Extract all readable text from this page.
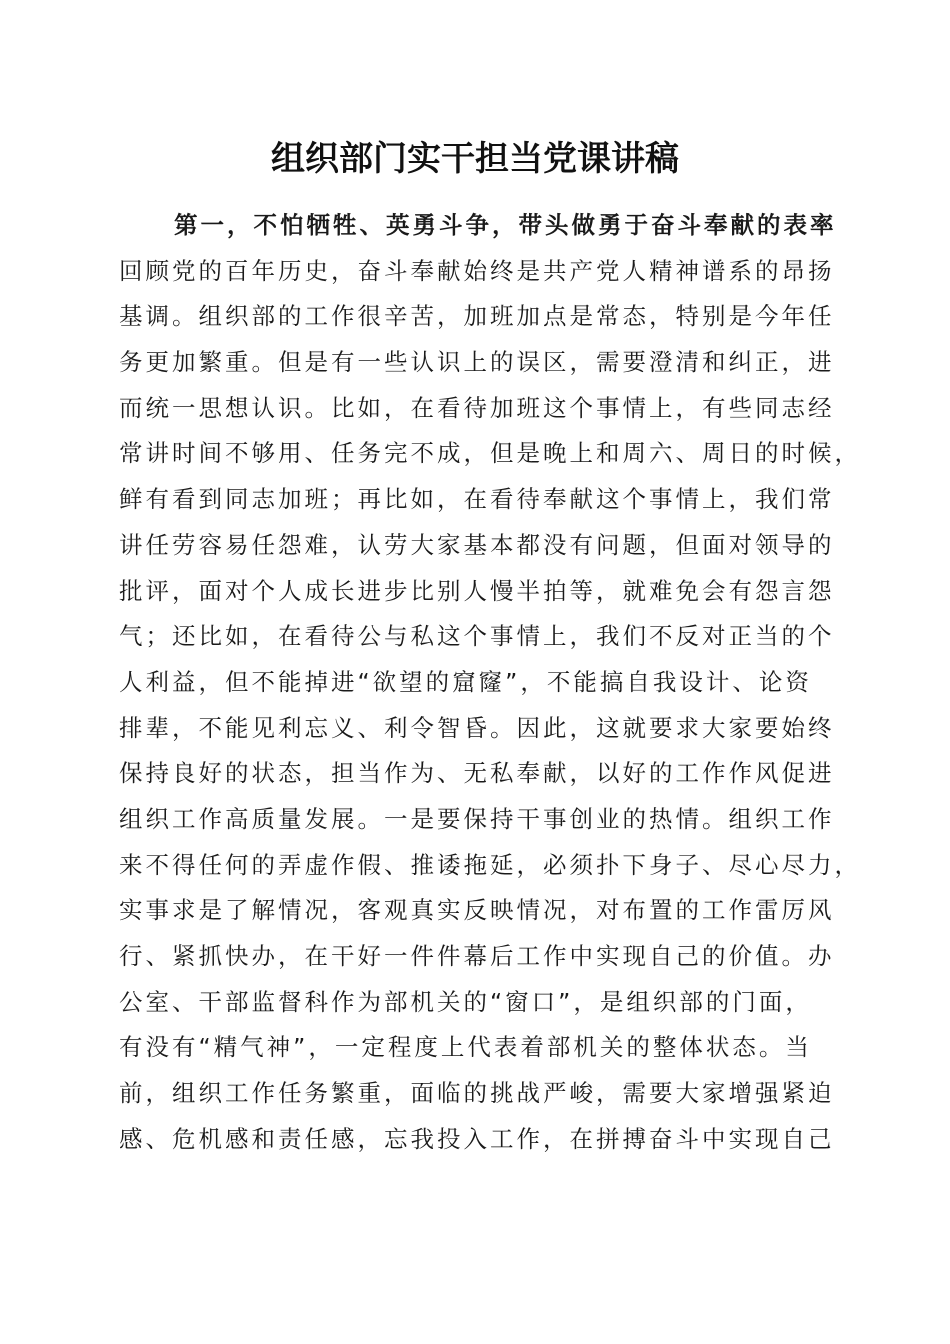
组织部门实干担当党课讲稿
第一，不怕牺牲、英勇斗争，带头做勇于奋斗奉献的表率
回顾党的百年历史，奋斗奉献始终是共产党人精神谱系的昂扬
基调。组织部的工作很辛苦，加班加点是常态，特别是今年任
务更加繁重。但是有一些认识上的误区，需要澄清和纠正，进
而统一思想认识。比如，在看待加班这个事情上，有些同志经
常讲时间不够用、任务完不成，但是晚上和周六、周日的时候，
鲜有看到同志加班；再比如，在看待奉献这个事情上，我们常
讲任劳容易任怨难，认劳大家基本都没有问题，但面对领导的
批评，面对个人成长进步比别人慢半拍等，就难免会有怨言怨
气；还比如，在看待公与私这个事情上，我们不反对正当的个
人利益，但不能掉进“欲望的窟窿”，不能搞自我设计、论资
排辈，不能见利忘义、利令智昏。因此，这就要求大家要始终
保持良好的状态，担当作为、无私奉献，以好的工作作风促进
组织工作高质量发展。一是要保持干事创业的热情。组织工作
来不得任何的弄虚作假、推诿拖延，必须扑下身子、尽心尽力，
实事求是了解情况，客观真实反映情况，对布置的工作雷厉风
行、紧抓快办，在干好一件件幕后工作中实现自己的价值。办
公室、干部监督科作为部机关的“窗口”，是组织部的门面，
有没有“精气神”，一定程度上代表着部机关的整体状态。当
前，组织工作任务繁重，面临的挑战严峻，需要大家增强紧迫
感、危机感和责任感，忘我投入工作，在拼搏奋斗中实现自己
